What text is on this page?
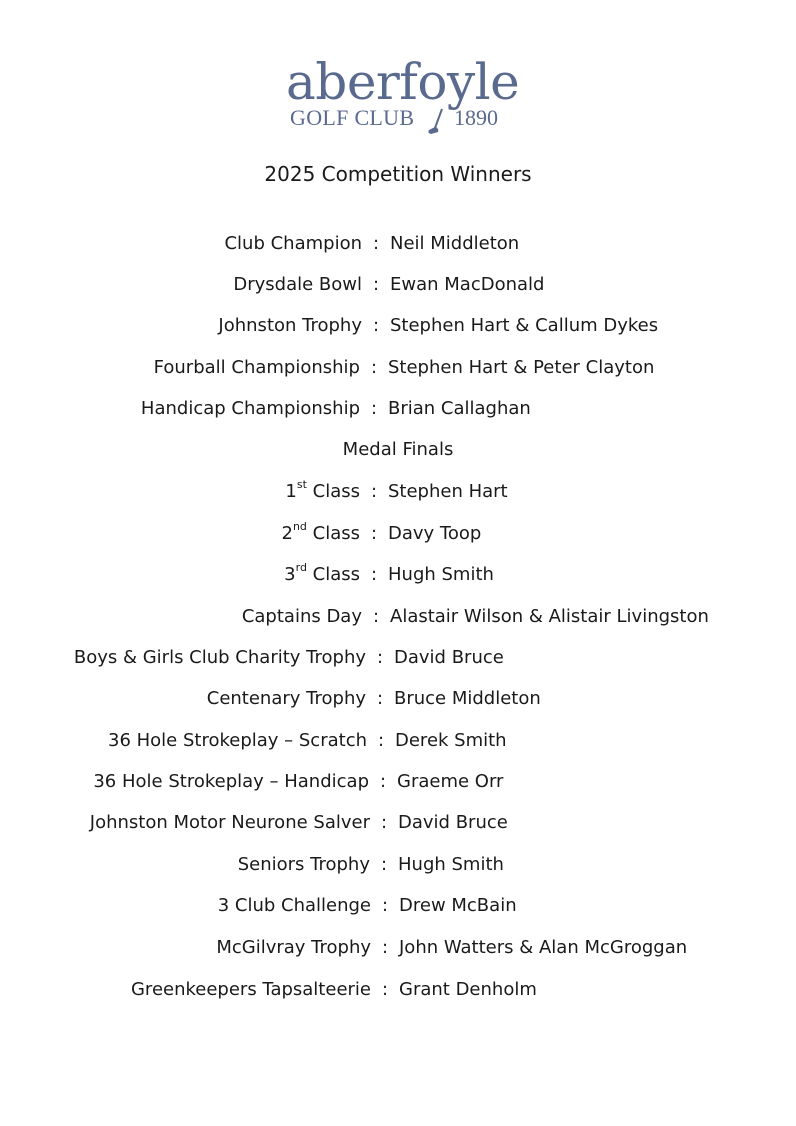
aberfoyle
GOLF CLUB 1890
2025 Competition Winners
Club Champion : Neil Middleton
Drysdale Bowl : Ewan MacDonald
Johnston Trophy : Stephen Hart & Callum Dykes
Fourball Championship : Stephen Hart & Peter Clayton
Handicap Championship : Brian Callaghan
Medal Finals
1st Class : Stephen Hart
2nd Class : Davy Toop
3rd Class : Hugh Smith
Captains Day : Alastair Wilson & Alistair Livingston
Boys & Girls Club Charity Trophy : David Bruce
Centenary Trophy : Bruce Middleton
36 Hole Strokeplay – Scratch : Derek Smith
36 Hole Strokeplay – Handicap : Graeme Orr
Johnston Motor Neurone Salver : David Bruce
Seniors Trophy : Hugh Smith
3 Club Challenge : Drew McBain
McGilvray Trophy : John Watters & Alan McGroggan
Greenkeepers Tapsalteerie : Grant Denholm
